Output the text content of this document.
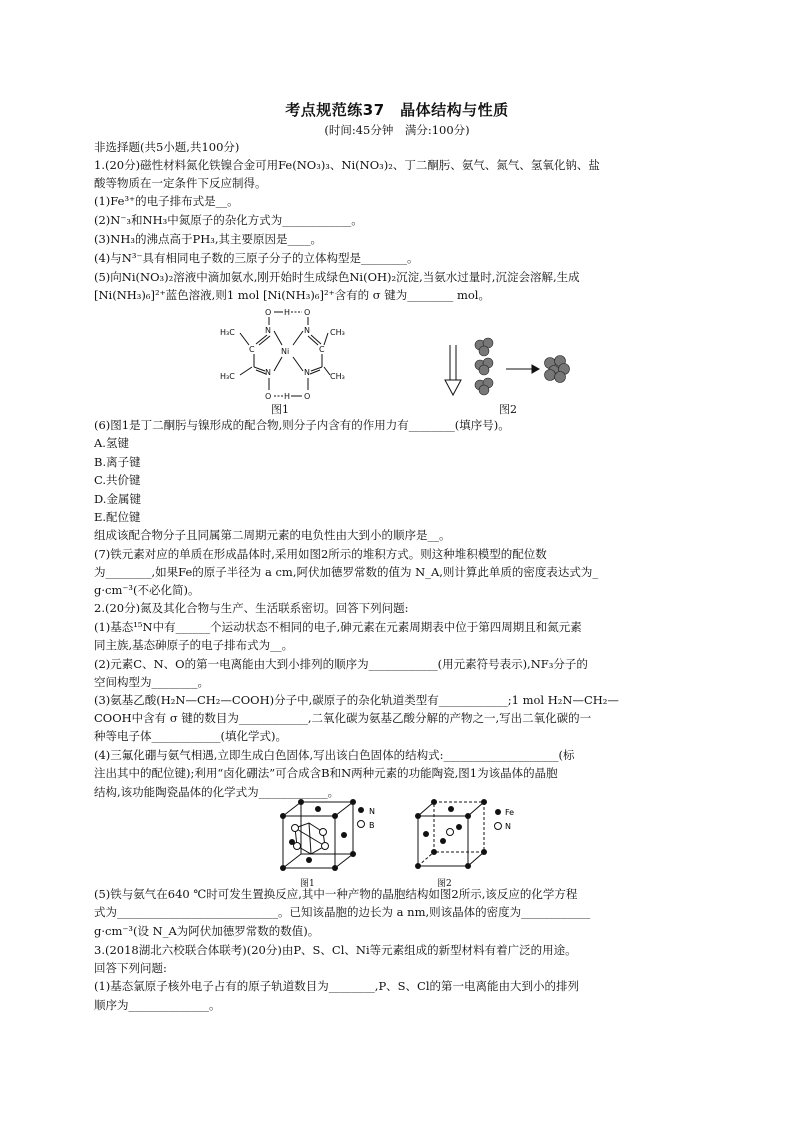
考点规范练37　晶体结构与性质
(时间:45分钟　满分:100分)
非选择题(共5小题,共100分)
1.(20分)磁性材料氮化铁镍合金可用Fe(NO₃)₃、Ni(NO₃)₂、丁二酮肟、氨气、氮气、氢氧化钠、盐
酸等物质在一定条件下反应制得。
(1)Fe³⁺的电子排布式是__。
(2)N⁻₃和NH₃中氮原子的杂化方式为____________。
(3)NH₃的沸点高于PH₃,其主要原因是____。
(4)与N³⁻具有相同电子数的三原子分子的立体构型是________。
(5)向Ni(NO₃)₂溶液中滴加氨水,刚开始时生成绿色Ni(OH)₂沉淀,当氨水过量时,沉淀会溶解,生成
[Ni(NH₃)₆]²⁺蓝色溶液,则1 mol [Ni(NH₃)₆]²⁺含有的 σ 键为________ mol。
(6)图1是丁二酮肟与镍形成的配合物,则分子内含有的作用力有________(填序号)。
A.氢键
B.离子键
C.共价键
D.金属键
E.配位键
组成该配合物分子且同属第二周期元素的电负性由大到小的顺序是__。
(7)铁元素对应的单质在形成晶体时,采用如图2所示的堆积方式。则这种堆积模型的配位数
为________,如果Fe的原子半径为 a cm,阿伏加德罗常数的值为 N_A,则计算此单质的密度表达式为_
g·cm⁻³(不必化简)。
2.(20分)氮及其化合物与生产、生活联系密切。回答下列问题:
(1)基态¹⁵N中有______个运动状态不相同的电子,砷元素在元素周期表中位于第四周期且和氮元素
同主族,基态砷原子的电子排布式为__。
(2)元素C、N、O的第一电离能由大到小排列的顺序为____________(用元素符号表示),NF₃分子的
空间构型为________。
(3)氨基乙酸(H₂N—CH₂—COOH)分子中,碳原子的杂化轨道类型有____________;1 mol H₂N—CH₂—
COOH中含有 σ 键的数目为____________,二氧化碳为氨基乙酸分解的产物之一,写出二氧化碳的一
种等电子体____________(填化学式)。
(4)三氟化硼与氨气相遇,立即生成白色固体,写出该白色固体的结构式:____________________(标
注出其中的配位键);利用“卤化硼法”可合成含B和N两种元素的功能陶瓷,图1为该晶体的晶胞
结构,该功能陶瓷晶体的化学式为____________。
(5)铁与氨气在640 ℃时可发生置换反应,其中一种产物的晶胞结构如图2所示,该反应的化学方程
式为____________________________。已知该晶胞的边长为 a nm,则该晶体的密度为____________
g·cm⁻³(设 N_A为阿伏加德罗常数的数值)。
3.(2018湖北六校联合体联考)(20分)由P、S、Cl、Ni等元素组成的新型材料有着广泛的用途。
回答下列问题:
(1)基态氯原子核外电子占有的原子轨道数目为________,P、S、Cl的第一电离能由大到小的排列
顺序为______________。
O H O
N	N
H₃C	CH₃
C	C
Ni
H₃C	CH₃
N	N
O H O
图1	图2
N
B
图1
Fe
N
图2
